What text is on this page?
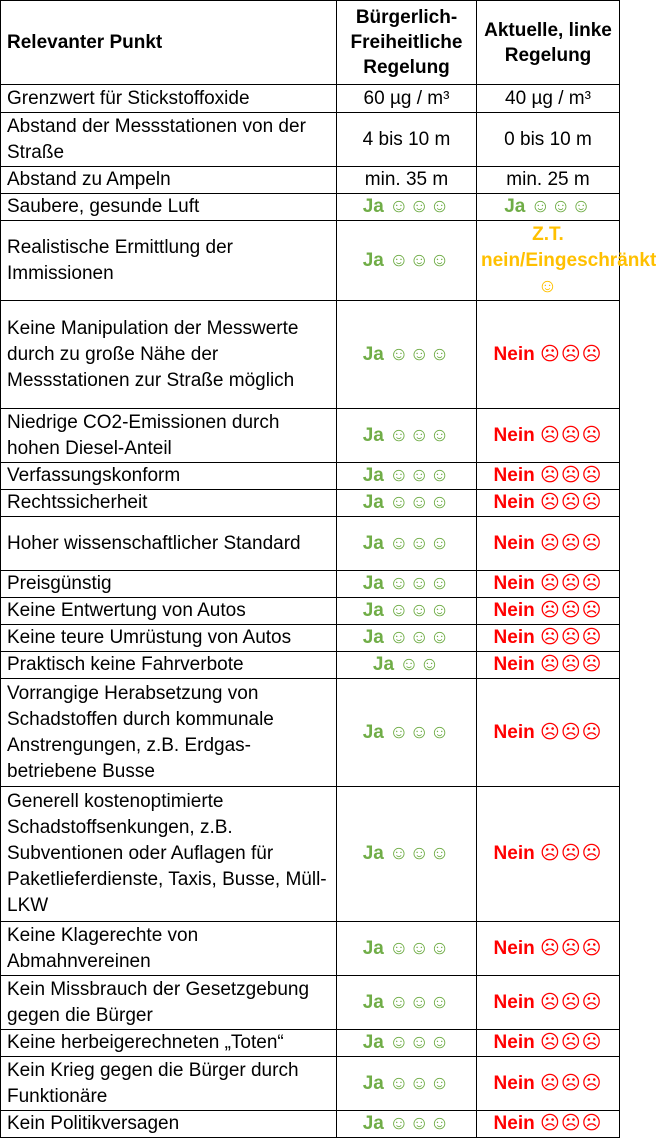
Relevanter Punkt	Bürgerlich-Freiheitliche Regelung	Aktuelle, linke Regelung
Grenzwert für Stickstoffoxide	60 µg / m³	40 µg / m³
Abstand der Messstationen von der Straße	4 bis 10 m	0 bis 10 m
Abstand zu Ampeln	min. 35 m	min. 25 m
Saubere, gesunde Luft	Ja ☺☺☺	Ja ☺☺☺
Realistische Ermittlung der Immissionen	Ja ☺☺☺	Z.T. nein/Eingeschränkt ☺
Keine Manipulation der Messwerte durch zu große Nähe der Messstationen zur Straße möglich	Ja ☺☺☺	Nein ☹☹☹
Niedrige CO2-Emissionen durch hohen Diesel-Anteil	Ja ☺☺☺	Nein ☹☹☹
Verfassungskonform	Ja ☺☺☺	Nein ☹☹☹
Rechtssicherheit	Ja ☺☺☺	Nein ☹☹☹
Hoher wissenschaftlicher Standard	Ja ☺☺☺	Nein ☹☹☹
Preisgünstig	Ja ☺☺☺	Nein ☹☹☹
Keine Entwertung von Autos	Ja ☺☺☺	Nein ☹☹☹
Keine teure Umrüstung von Autos	Ja ☺☺☺	Nein ☹☹☹
Praktisch keine Fahrverbote	Ja ☺☺	Nein ☹☹☹
Vorrangige Herabsetzung von Schadstoffen durch kommunale Anstrengungen, z.B. Erdgas-betriebene Busse	Ja ☺☺☺	Nein ☹☹☹
Generell kostenoptimierte Schadstoffsenkungen, z.B. Subventionen oder Auflagen für Paketlieferdienste, Taxis, Busse, Müll-LKW	Ja ☺☺☺	Nein ☹☹☹
Keine Klagerechte von Abmahnvereinen	Ja ☺☺☺	Nein ☹☹☹
Kein Missbrauch der Gesetzgebung gegen die Bürger	Ja ☺☺☺	Nein ☹☹☹
Keine herbeigerechneten „Toten“	Ja ☺☺☺	Nein ☹☹☹
Kein Krieg gegen die Bürger durch Funktionäre	Ja ☺☺☺	Nein ☹☹☹
Kein Politikversagen	Ja ☺☺☺	Nein ☹☹☹
